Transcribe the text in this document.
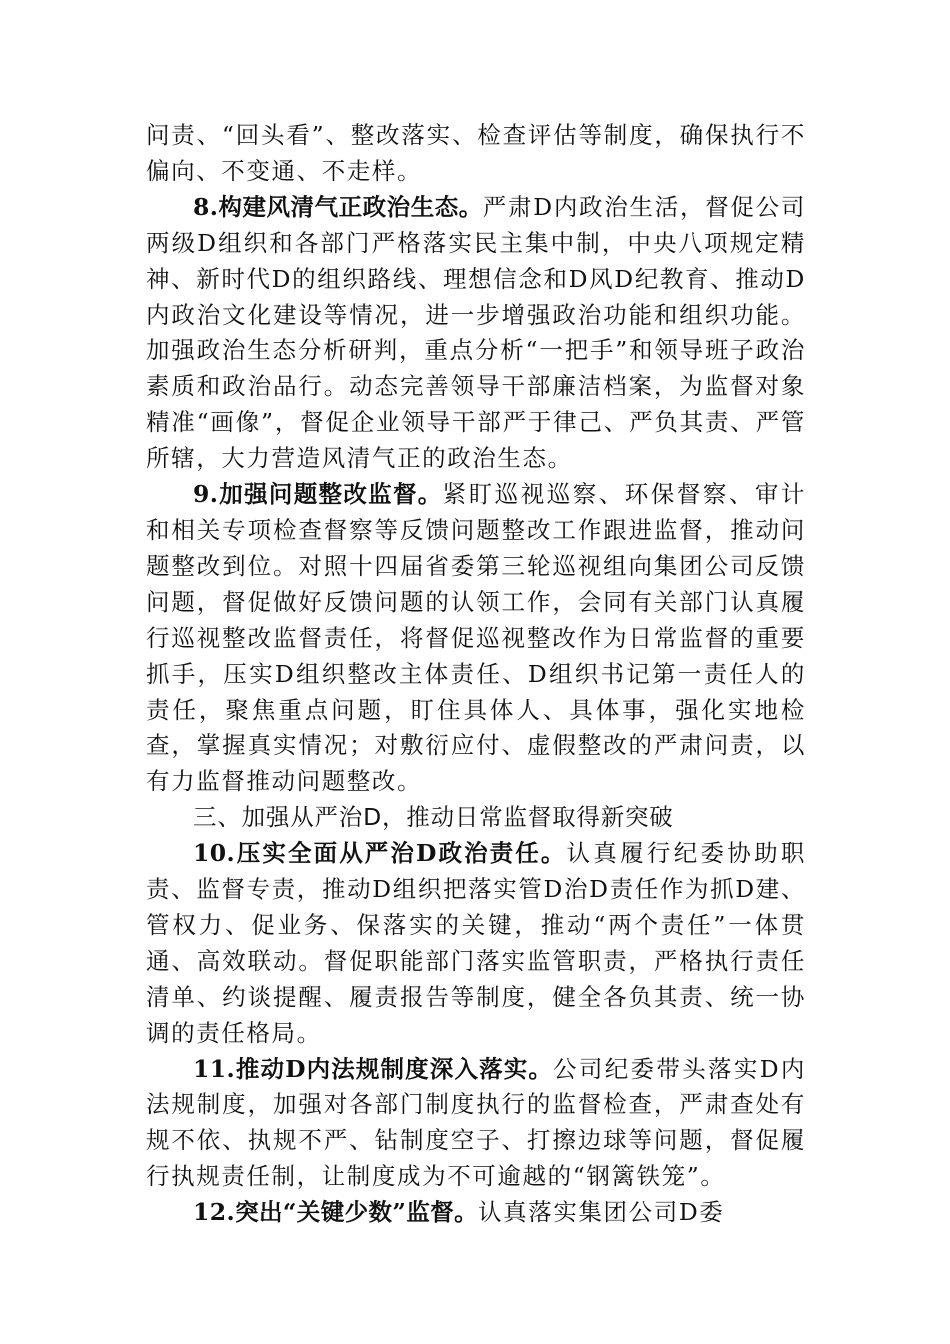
问责、“回头看”、整改落实、检查评估等制度，确保执行不偏向、不变通、不走样。

8.构建风清气正政治生态。严肃D内政治生活，督促公司两级D组织和各部门严格落实民主集中制，中央八项规定精神、新时代D的组织路线、理想信念和D风D纪教育、推动D内政治文化建设等情况，进一步增强政治功能和组织功能。加强政治生态分析研判，重点分析“一把手”和领导班子政治素质和政治品行。动态完善领导干部廉洁档案，为监督对象精准“画像”，督促企业领导干部严于律己、严负其责、严管所辖，大力营造风清气正的政治生态。

9.加强问题整改监督。紧盯巡视巡察、环保督察、审计和相关专项检查督察等反馈问题整改工作跟进监督，推动问题整改到位。对照十四届省委第三轮巡视组向集团公司反馈问题，督促做好反馈问题的认领工作，会同有关部门认真履行巡视整改监督责任，将督促巡视整改作为日常监督的重要抓手，压实D组织整改主体责任、D组织书记第一责任人的责任，聚焦重点问题，盯住具体人、具体事，强化实地检查，掌握真实情况；对敷衍应付、虚假整改的严肃问责，以有力监督推动问题整改。

三、加强从严治D，推动日常监督取得新突破

10.压实全面从严治D政治责任。认真履行纪委协助职责、监督专责，推动D组织把落实管D治D责任作为抓D建、管权力、促业务、保落实的关键，推动“两个责任”一体贯通、高效联动。督促职能部门落实监管职责，严格执行责任清单、约谈提醒、履责报告等制度，健全各负其责、统一协调的责任格局。

11.推动D内法规制度深入落实。公司纪委带头落实D内法规制度，加强对各部门制度执行的监督检查，严肃查处有规不依、执规不严、钻制度空子、打擦边球等问题，督促履行执规责任制，让制度成为不可逾越的“钢篱铁笼”。

12.突出“关键少数”监督。认真落实集团公司D委
